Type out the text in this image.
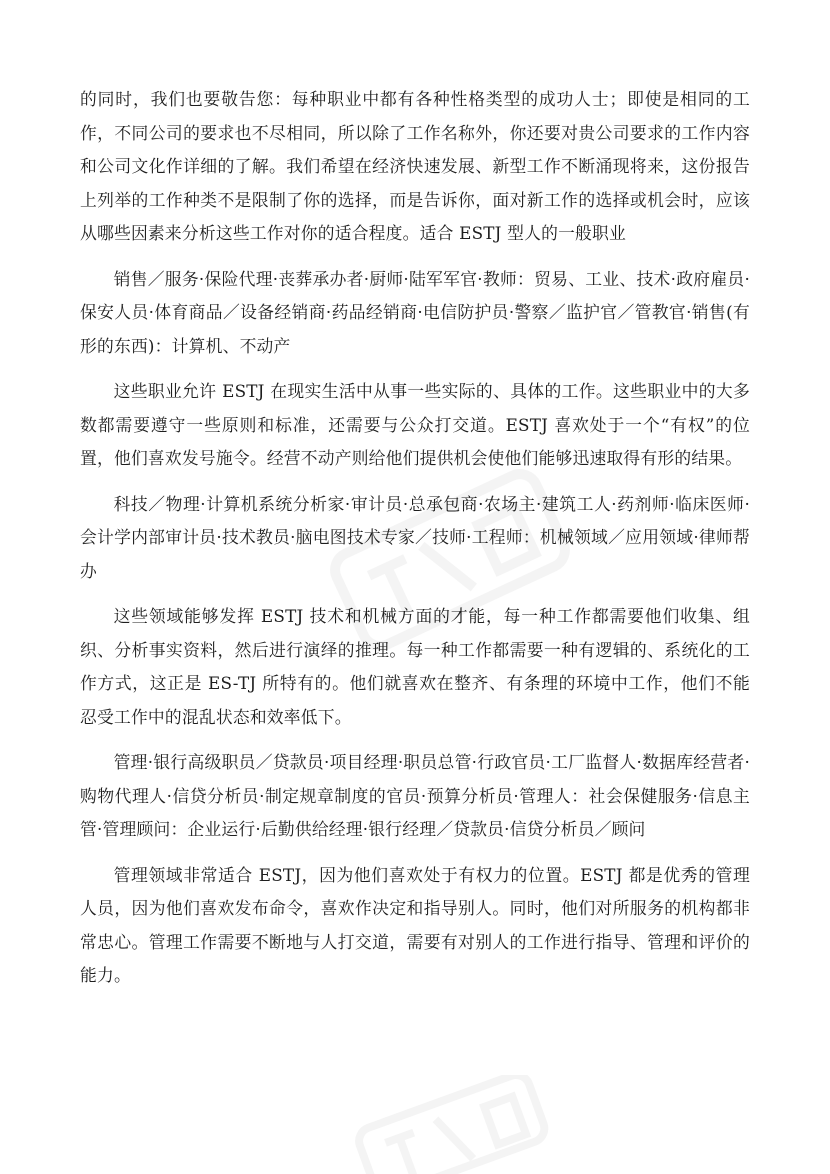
的同时，我们也要敬告您：每种职业中都有各种性格类型的成功人士；即使是相同的工作，不同公司的要求也不尽相同，所以除了工作名称外，你还要对贵公司要求的工作内容和公司文化作详细的了解。我们希望在经济快速发展、新型工作不断涌现将来，这份报告上列举的工作种类不是限制了你的选择，而是告诉你，面对新工作的选择或机会时，应该从哪些因素来分析这些工作对你的适合程度。适合 ESTJ 型人的一般职业

销售／服务·保险代理·丧葬承办者·厨师·陆军军官·教师：贸易、工业、技术·政府雇员·保安人员·体育商品／设备经销商·药品经销商·电信防护员·警察／监护官／管教官·销售(有形的东西)：计算机、不动产

这些职业允许 ESTJ 在现实生活中从事一些实际的、具体的工作。这些职业中的大多数都需要遵守一些原则和标准，还需要与公众打交道。ESTJ 喜欢处于一个“有权”的位置，他们喜欢发号施令。经营不动产则给他们提供机会使他们能够迅速取得有形的结果。

科技／物理·计算机系统分析家·审计员·总承包商·农场主·建筑工人·药剂师·临床医师·会计学内部审计员·技术教员·脑电图技术专家／技师·工程师：机械领域／应用领域·律师帮办

这些领域能够发挥 ESTJ 技术和机械方面的才能，每一种工作都需要他们收集、组织、分析事实资料，然后进行演绎的推理。每一种工作都需要一种有逻辑的、系统化的工作方式，这正是 ES-TJ 所特有的。他们就喜欢在整齐、有条理的环境中工作，他们不能忍受工作中的混乱状态和效率低下。

管理·银行高级职员／贷款员·项目经理·职员总管·行政官员·工厂监督人·数据库经营者·购物代理人·信贷分析员·制定规章制度的官员·预算分析员·管理人：社会保健服务·信息主管·管理顾问：企业运行·后勤供给经理·银行经理／贷款员·信贷分析员／顾问

管理领域非常适合 ESTJ，因为他们喜欢处于有权力的位置。ESTJ 都是优秀的管理人员，因为他们喜欢发布命令，喜欢作决定和指导别人。同时，他们对所服务的机构都非常忠心。管理工作需要不断地与人打交道，需要有对别人的工作进行指导、管理和评价的能力。
